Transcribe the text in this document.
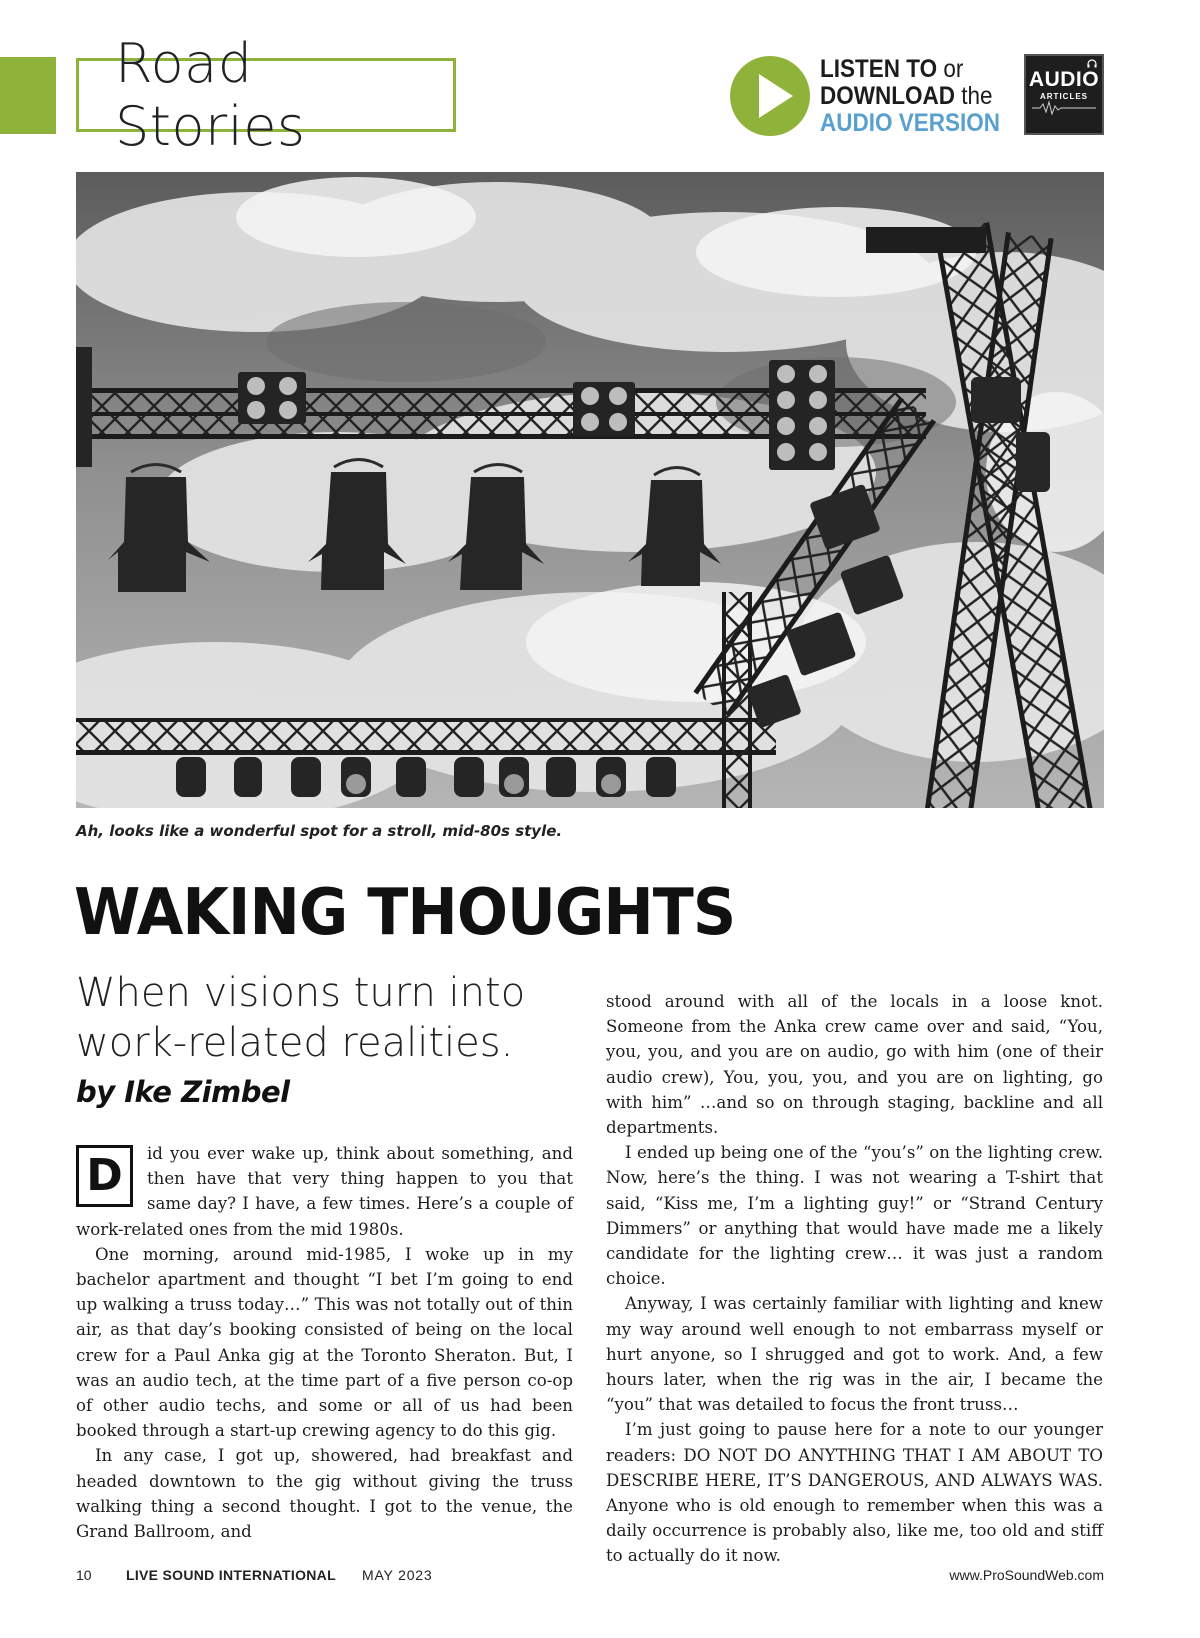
Road Stories
LISTEN TO or
DOWNLOAD the
AUDIO VERSION
AUDIO
ARTICLES
Ah, looks like a wonderful spot for a stroll, mid-80s style.
WAKING THOUGHTS
When visions turn into work-related realities.
by Ike Zimbel
D	id you ever wake up, think about something, and then have that very thing happen to you that same day? I have, a few times. Here’s a couple of work-related ones from the mid 1980s.

One morning, around mid-1985, I woke up in my bachelor apartment and thought “I bet I’m going to end up walking a truss today…” This was not totally out of thin air, as that day’s booking consisted of being on the local crew for a Paul Anka gig at the Toronto Sheraton. But, I was an audio tech, at the time part of a five person co-op of other audio techs, and some or all of us had been booked through a start-up crewing agency to do this gig.

In any case, I got up, showered, had breakfast and headed downtown to the gig without giving the truss walking thing a second thought. I got to the venue, the Grand Ballroom, and

stood around with all of the locals in a loose knot. Someone from the Anka crew came over and said, “You, you, you, and you are on audio, go with him (one of their audio crew), You, you, you, and you are on lighting, go with him” …and so on through staging, backline and all departments.

I ended up being one of the “you’s” on the lighting crew. Now, here’s the thing. I was not wearing a T-shirt that said, “Kiss me, I’m a lighting guy!” or “Strand Century Dimmers” or anything that would have made me a likely candidate for the lighting crew… it was just a random choice.

Anyway, I was certainly familiar with lighting and knew my way around well enough to not embarrass myself or hurt anyone, so I shrugged and got to work. And, a few hours later, when the rig was in the air, I became the “you” that was detailed to focus the front truss…

I’m just going to pause here for a note to our younger readers: DO NOT DO ANYTHING THAT I AM ABOUT TO DESCRIBE HERE, IT’S DANGEROUS, AND ALWAYS WAS. Anyone who is old enough to remember when this was a daily occurrence is probably also, like me, too old and stiff to actually do it now.

10 LIVE SOUND INTERNATIONAL MAY 2023	www.ProSoundWeb.com
